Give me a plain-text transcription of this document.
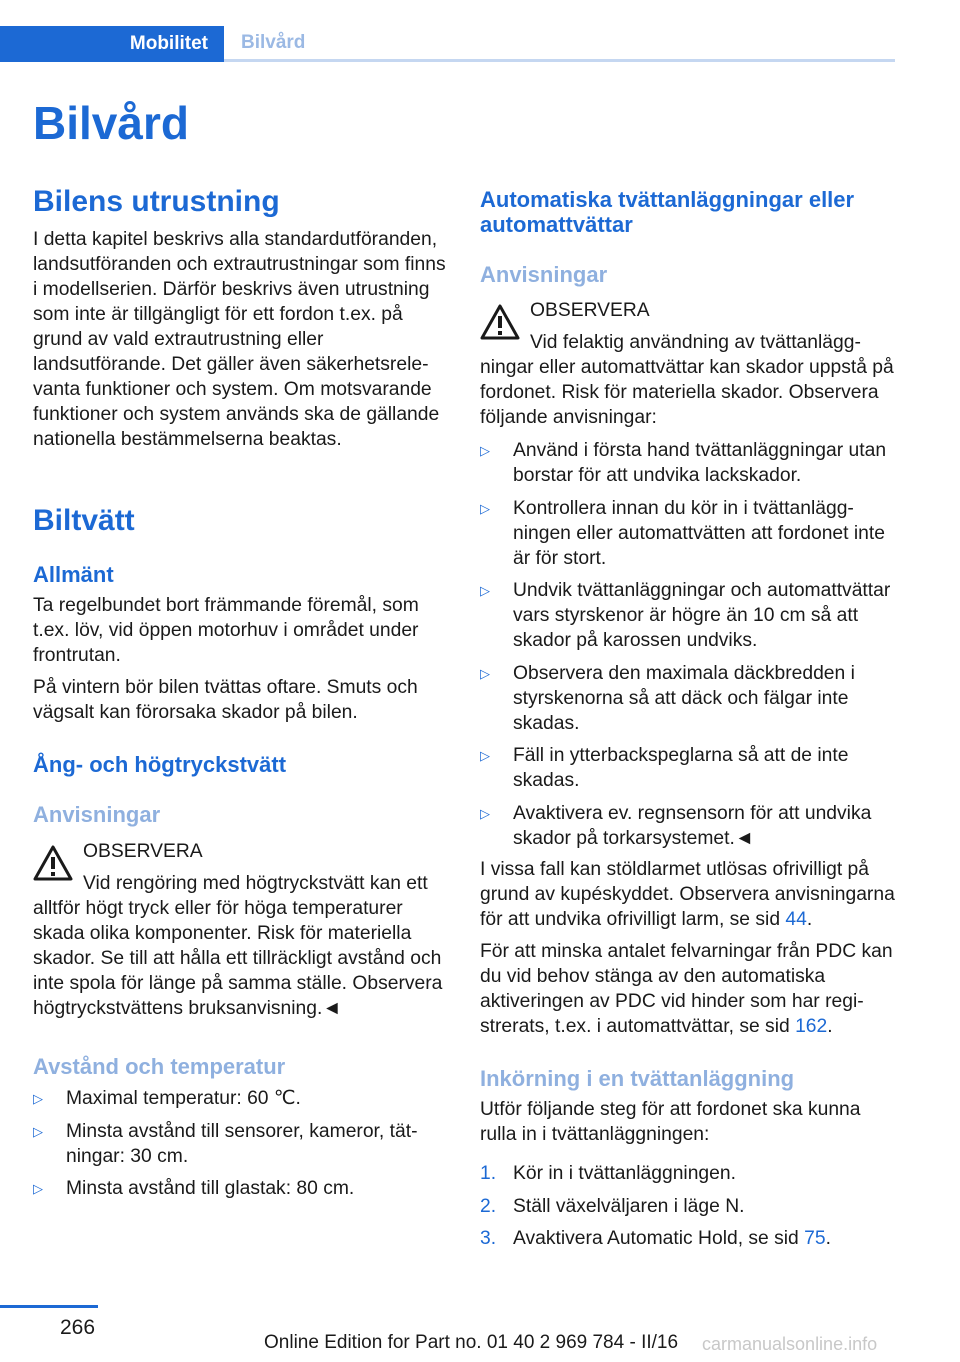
Mobilitet	Bilvård
Bilvård
Bilens utrustning

I detta kapitel beskrivs alla standardutföranden, landsutföranden och extrautrustningar som finns i modellserien. Därför beskrivs även utrustning som inte är tillgängligt för ett fordon t.ex. på grund av vald extrautrustning eller landsutförande. Det gäller även säkerhetsrelevanta funktioner och system. Om motsvarande funktioner och system används ska de gällande nationella bestämmelserna beaktas.

Biltvätt
Allmänt

Ta regelbundet bort främmande föremål, som t.ex. löv, vid öppen motorhuv i området under frontrutan.

På vintern bör bilen tvättas oftare. Smuts och vägsalt kan förorsaka skador på bilen.

Ång- och högtryckstvätt
Anvisningar
OBSERVERA

Vid rengöring med högtryckstvätt kan ett alltför högt tryck eller för höga temperaturer skada olika komponenter. Risk för materiella skador. Se till att hålla ett tillräckligt avstånd och inte spola för länge på samma ställe. Observera högtryckstvättens bruksanvisning.◄

Avstånd och temperatur
▷ Maximal temperatur: 60 ℃.
▷ Minsta avstånd till sensorer, kameror, tätningar: 30 cm.
▷ Minsta avstånd till glastak: 80 cm.
Automatiska tvättanläggningar eller automattvättar
Anvisningar
OBSERVERA

Vid felaktig användning av tvättanläggningar eller automattvättar kan skador uppstå på fordonet. Risk för materiella skador. Observera följande anvisningar:

▷ Använd i första hand tvättanläggningar utan borstar för att undvika lackskador.
▷ Kontrollera innan du kör in i tvättanläggningen eller automattvätten att fordonet inte är för stort.
▷ Undvik tvättanläggningar och automattvättar vars styrskenor är högre än 10 cm så att skador på karossen undviks.
▷ Observera den maximala däckbredden i styrskenorna så att däck och fälgar inte skadas.
▷ Fäll in ytterbackspeglarna så att de inte skadas.
▷ Avaktivera ev. regnsensorn för att undvika skador på torkarsystemet.◄

I vissa fall kan stöldlarmet utlösas ofrivilligt på grund av kupéskyddet. Observera anvisningarna för att undvika ofrivilligt larm, se sid 44.

För att minska antalet felvarningar från PDC kan du vid behov stänga av den automatiska aktiveringen av PDC vid hinder som har registrerats, t.ex. i automattvättar, se sid 162.

Inkörning i en tvättanläggning

Utför följande steg för att fordonet ska kunna rulla in i tvättanläggningen:

1. Kör in i tvättanläggningen.
2. Ställ växelväljaren i läge N.
3. Avaktivera Automatic Hold, se sid 75.
266
Online Edition for Part no. 01 40 2 969 784 - II/16 carmanualsonline.info
